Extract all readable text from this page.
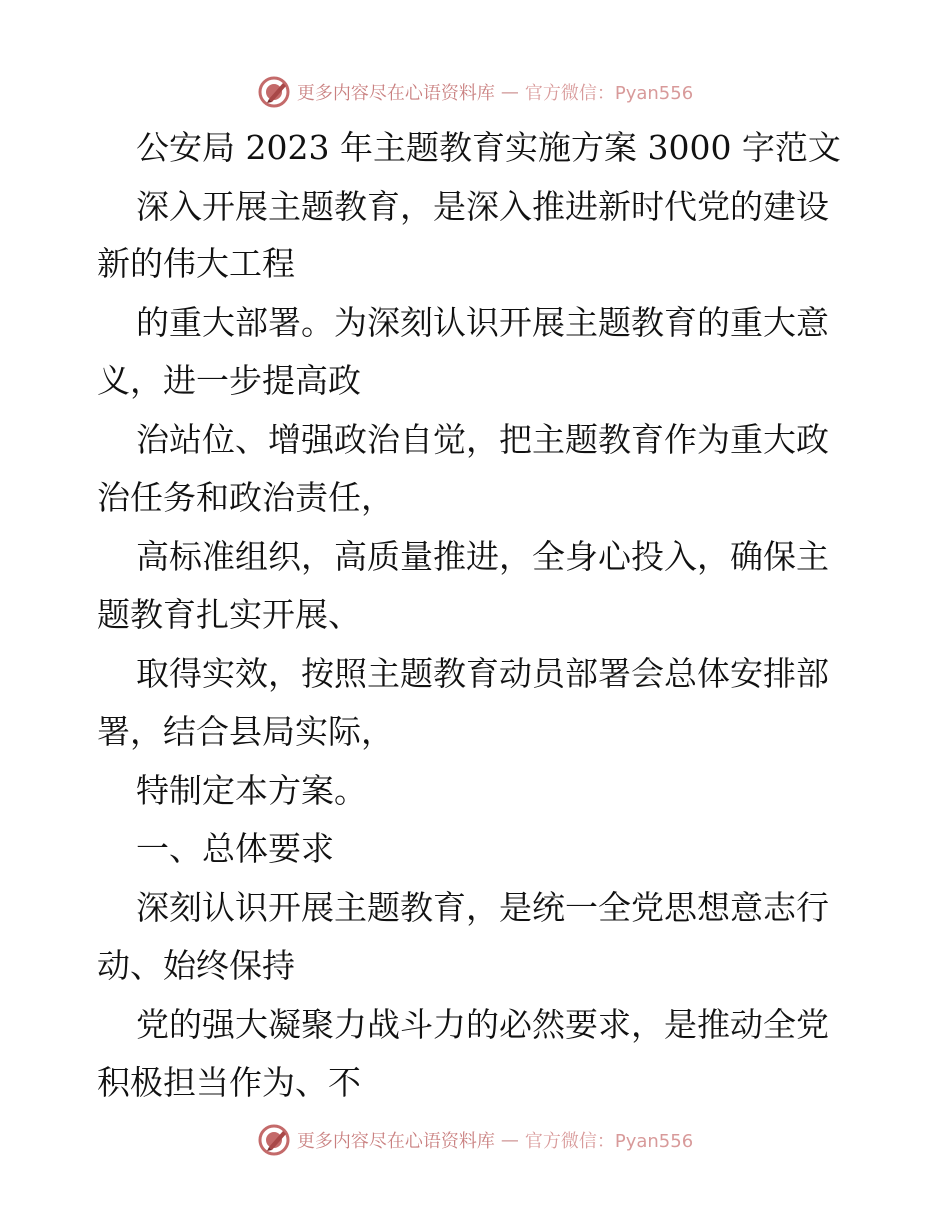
更多内容尽在心语资料库 — 官方微信：Pyan556
公安局 2023 年主题教育实施方案 3000 字范文
深入开展主题教育，是深入推进新时代党的建设
新的伟大工程
的重大部署。为深刻认识开展主题教育的重大意
义，进一步提高政
治站位、增强政治自觉，把主题教育作为重大政
治任务和政治责任，
高标准组织，高质量推进，全身心投入，确保主
题教育扎实开展、
取得实效，按照主题教育动员部署会总体安排部
署，结合县局实际，
特制定本方案。
一、总体要求
深刻认识开展主题教育，是统一全党思想意志行
动、始终保持
党的强大凝聚力战斗力的必然要求，是推动全党
积极担当作为、不
更多内容尽在心语资料库 — 官方微信：Pyan556
